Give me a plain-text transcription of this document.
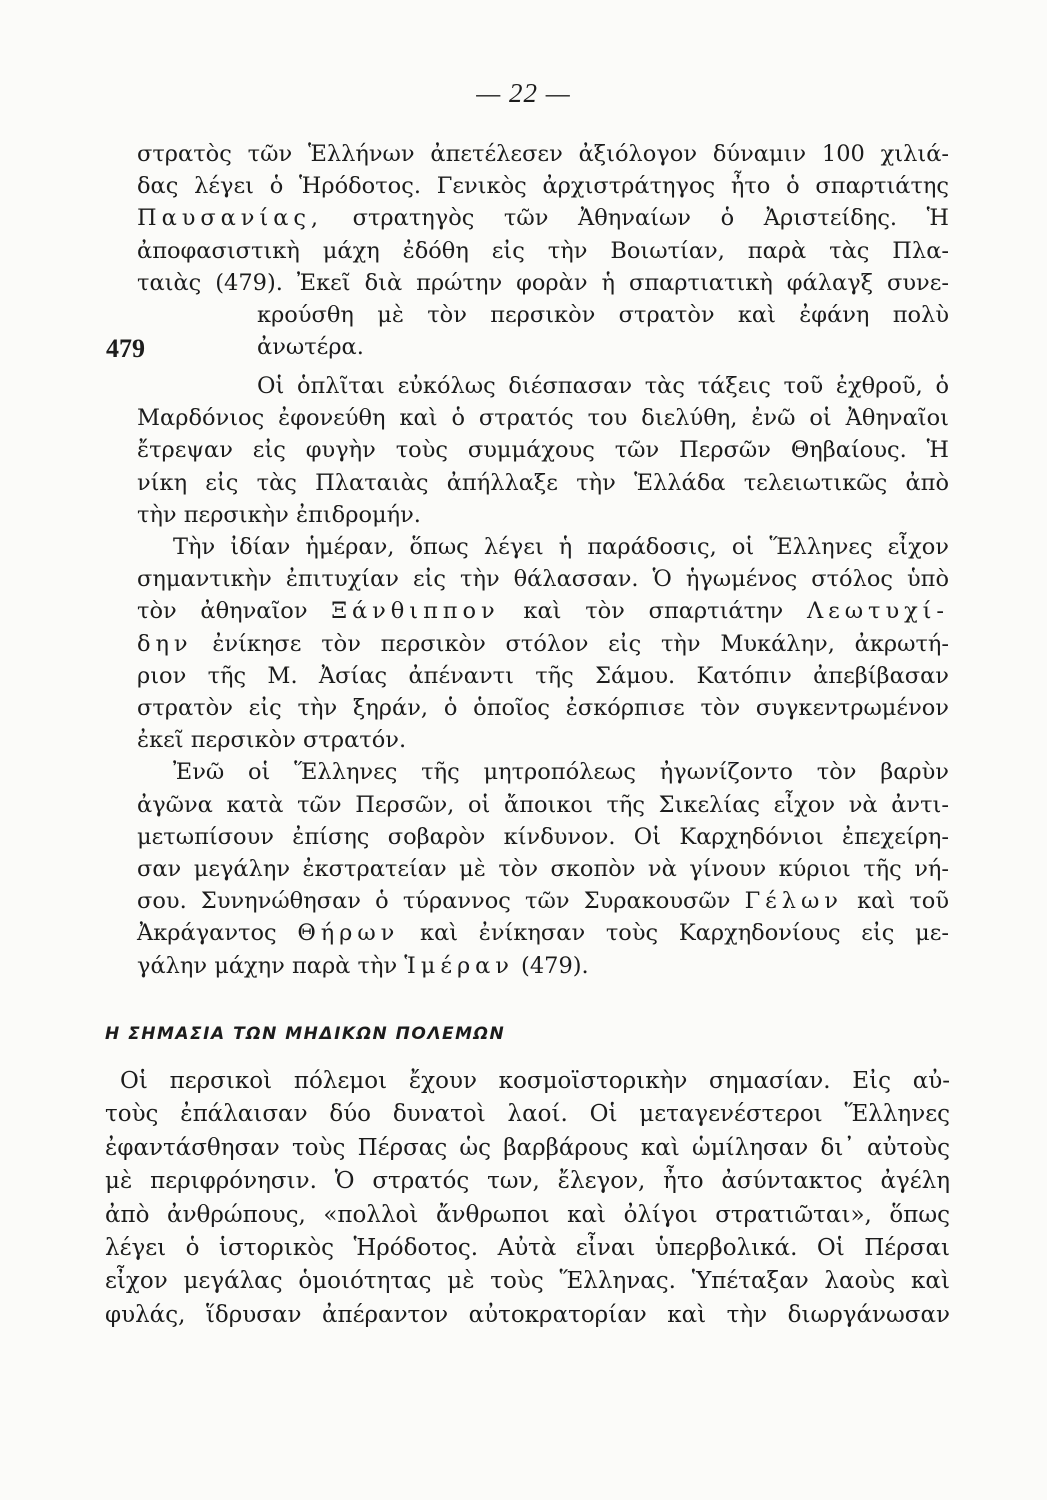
— 22 —
479

στρατὸς τῶν Ἑλλήνων ἀπετέλεσεν ἀξιόλογον δύναμιν 100 χιλιά-
δας λέγει ὁ Ἡρόδοτος. Γενικὸς ἀρχιστράτηγος ἦτο ὁ σπαρτιάτης
Παυσανίας, στρατηγὸς τῶν Ἀθηναίων ὁ Ἀριστείδης. Ἡ
ἀποφασιστικὴ μάχη ἐδόθη εἰς τὴν Βοιωτίαν, παρὰ τὰς Πλα-
ταιὰς (479). Ἐκεῖ διὰ πρώτην φορὰν ἡ σπαρτιατικὴ φάλαγξ συνε-
κρούσθη μὲ τὸν περσικὸν στρατὸν καὶ ἐφάνη πολὺ ἀνωτέρα.

Οἱ ὁπλῖται εὐκόλως διέσπασαν τὰς τάξεις τοῦ ἐχθροῦ, ὁ
Μαρδόνιος ἐφονεύθη καὶ ὁ στρατός του διελύθη, ἐνῶ οἱ Ἀθηναῖοι
ἔτρεψαν εἰς φυγὴν τοὺς συμμάχους τῶν Περσῶν Θηβαίους. Ἡ
νίκη εἰς τὰς Πλαταιὰς ἀπήλλαξε τὴν Ἑλλάδα τελειωτικῶς ἀπὸ
τὴν περσικὴν ἐπιδρομήν.

Τὴν ἰδίαν ἡμέραν, ὅπως λέγει ἡ παράδοσις, οἱ Ἕλληνες εἶχον
σημαντικὴν ἐπιτυχίαν εἰς τὴν θάλασσαν. Ὁ ἡγωμένος στόλος ὑπὸ
τὸν ἀθηναῖον Ξάνθιππον καὶ τὸν σπαρτιάτην Λεωτυχί-
δην ἐνίκησε τὸν περσικὸν στόλον εἰς τὴν Μυκάλην, ἀκρωτή-
ριον τῆς Μ. Ἀσίας ἀπέναντι τῆς Σάμου. Κατόπιν ἀπεβίβασαν
στρατὸν εἰς τὴν ξηράν, ὁ ὁποῖος ἐσκόρπισε τὸν συγκεντρωμένον
ἐκεῖ περσικὸν στρατόν.

Ἐνῶ οἱ Ἕλληνες τῆς μητροπόλεως ἠγωνίζοντο τὸν βαρὺν
ἀγῶνα κατὰ τῶν Περσῶν, οἱ ἄποικοι τῆς Σικελίας εἶχον νὰ ἀντι-
μετωπίσουν ἐπίσης σοβαρὸν κίνδυνον. Οἱ Καρχηδόνιοι ἐπεχείρη-
σαν μεγάλην ἐκστρατείαν μὲ τὸν σκοπὸν νὰ γίνουν κύριοι τῆς νή-
σου. Συνηνώθησαν ὁ τύραννος τῶν Συρακουσῶν Γέλων καὶ τοῦ
Ἀκράγαντος Θήρων καὶ ἐνίκησαν τοὺς Καρχηδονίους εἰς με-
γάλην μάχην παρὰ τὴν Ἱμέραν (479).

Η ΣΗΜΑΣΙΑ ΤΩΝ ΜΗΔΙΚΩΝ ΠΟΛΕΜΩΝ

Οἱ περσικοὶ πόλεμοι ἔχουν κοσμοϊστορικὴν σημασίαν. Εἰς αὐ-
τοὺς ἐπάλαισαν δύο δυνατοὶ λαοί. Οἱ μεταγενέστεροι Ἕλληνες
ἐφαντάσθησαν τοὺς Πέρσας ὡς βαρβάρους καὶ ὡμίλησαν δι᾽ αὐτοὺς
μὲ περιφρόνησιν. Ὁ στρατός των, ἔλεγον, ἦτο ἀσύντακτος ἀγέλη
ἀπὸ ἀνθρώπους, «πολλοὶ ἄνθρωποι καὶ ὀλίγοι στρατιῶται», ὅπως
λέγει ὁ ἱστορικὸς Ἡρόδοτος. Αὐτὰ εἶναι ὑπερβολικά. Οἱ Πέρσαι
εἶχον μεγάλας ὁμοιότητας μὲ τοὺς Ἕλληνας. Ὑπέταξαν λαοὺς καὶ
φυλάς, ἵδρυσαν ἀπέραντον αὐτοκρατορίαν καὶ τὴν διωργάνωσαν
